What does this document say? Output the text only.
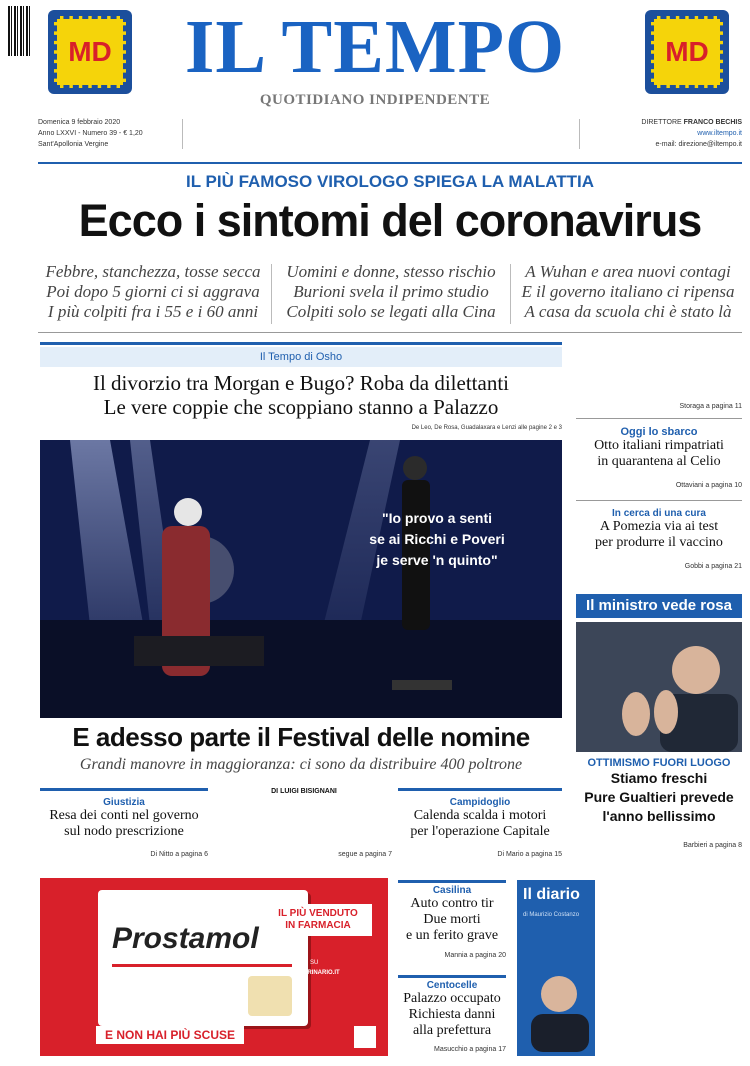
MD	MD
IL TEMPO
QUOTIDIANO INDIPENDENTE
Domenica 9 febbraio 2020
Anno LXXVI - Numero 39 - € 1,20
Sant'Apollonia Vergine
DIRETTORE FRANCO BECHIS
www.iltempo.it
e-mail: direzione@iltempo.it
IL PIÙ FAMOSO VIROLOGO SPIEGA LA MALATTIA
Ecco i sintomi del coronavirus
Febbre, stanchezza, tosse secca
Poi dopo 5 giorni ci si aggrava
I più colpiti fra i 55 e i 60 anni
Uomini e donne, stesso rischio
Burioni svela il primo studio
Colpiti solo se legati alla Cina
A Wuhan e area nuovi contagi
E il governo italiano ci ripensa
A casa da scuola chi è stato là
Il Tempo di Osho
Il divorzio tra Morgan e Bugo? Roba da dilettanti
Le vere coppie che scoppiano stanno a Palazzo
De Leo, De Rosa, Guadalaxara e Lenzi alle pagine 2 e 3
"Io provo a senti
se ai Ricchi e Poveri
je serve 'n quinto"
E adesso parte il Festival delle nomine
Grandi manovre in maggioranza: ci sono da distribuire 400 poltrone
Storaga a pagina 11
Oggi lo sbarco
Otto italiani rimpatriati
in quarantena al Celio
Ottaviani a pagina 10
In cerca di una cura
A Pomezia via ai test
per produrre il vaccino
Gobbi a pagina 21
Il ministro vede rosa
OTTIMISMO FUORI LUOGO
Stiamo freschi
Pure Gualtieri prevede
l'anno bellissimo
Barbieri a pagina 8
Giustizia
Resa dei conti nel governo
sul nodo prescrizione
Di Nitto a pagina 6
DI LUIGI BISIGNANI
segue a pagina 7
Campidoglio
Calenda scalda i motori
per l'operazione Capitale
Di Mario a pagina 15
Prostamol
IL PIÙ VENDUTO
IN FARMACIA
SCOPRI DI PIÙ SU
BENESSEREURINARIO.IT
E NON HAI PIÙ SCUSE
Casilina
Auto contro tir
Due morti
e un ferito grave
Mannia a pagina 20
Centocelle
Palazzo occupato
Richiesta danni
alla prefettura
Masucchio a pagina 17
Il diario
di Maurizio Costanzo
